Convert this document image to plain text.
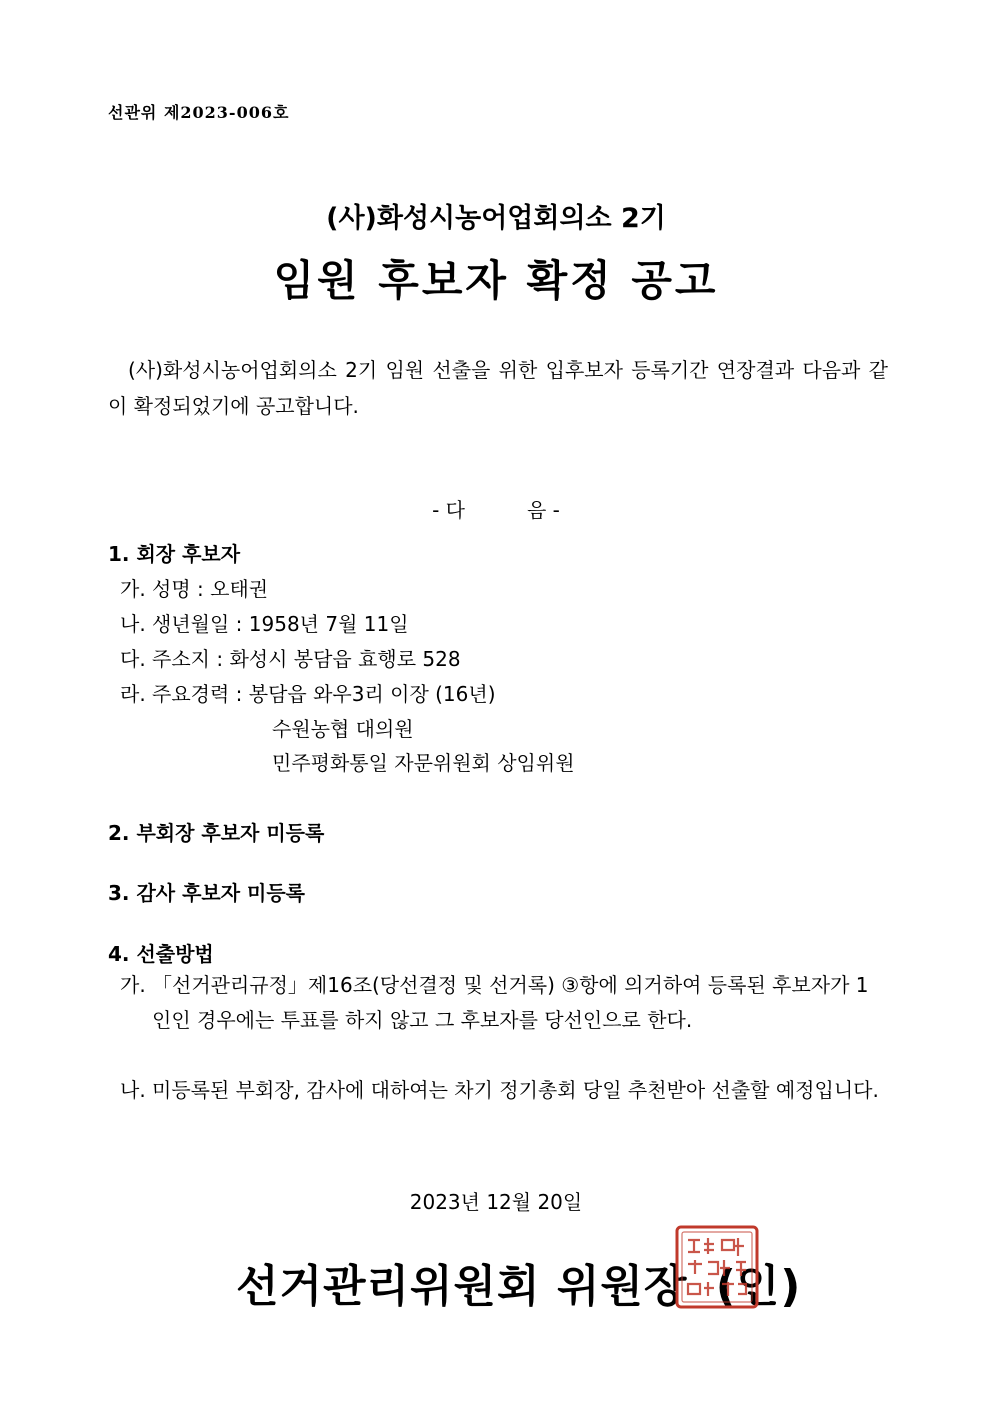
선관위 제2023-006호
(사)화성시농어업회의소 2기
임원 후보자 확정 공고
(사)화성시농어업회의소 2기 임원 선출을 위한 입후보자 등록기간 연장결과 다음과 같이 확정되었기에 공고합니다.
- 다	음 -
1. 회장 후보자
가. 성명 : 오태권
나. 생년월일 : 1958년 7월 11일
다. 주소지 : 화성시 봉담읍 효행로 528
라. 주요경력 : 봉담읍 와우3리 이장 (16년)
수원농협 대의원
민주평화통일 자문위원회 상임위원
2. 부회장 후보자 미등록
3. 감사 후보자 미등록
4. 선출방법
가. 「선거관리규정」제16조(당선결정 및 선거록) ③항에 의거하여 등록된 후보자가 1인인 경우에는 투표를 하지 않고 그 후보자를 당선인으로 한다.
나. 미등록된 부회장, 감사에 대하여는 차기 정기총회 당일 추천받아 선출할 예정입니다.
2023년 12월 20일
선거관리위원회 위원장 (인)
